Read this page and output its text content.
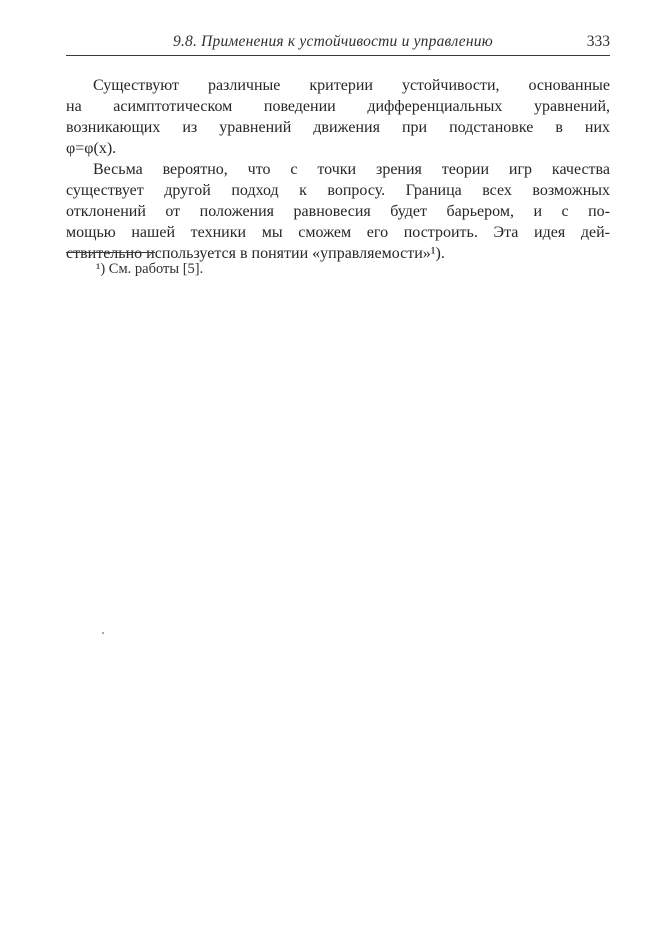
9.8. Применения к устойчивости и управлению	333
Существуют различные критерии устойчивости, основанные
на асимптотическом поведении дифференциальных уравнений,
возникающих из уравнений движения при подстановке в них
φ=φ(x).
Весьма вероятно, что с точки зрения теории игр качества
существует другой подход к вопросу. Граница всех возможных
отклонений от положения равновесия будет барьером, и с по-
мощью нашей техники мы сможем его построить. Эта идея дей-
ствительно используется в понятии «управляемости»¹).
¹) См. работы [5].
